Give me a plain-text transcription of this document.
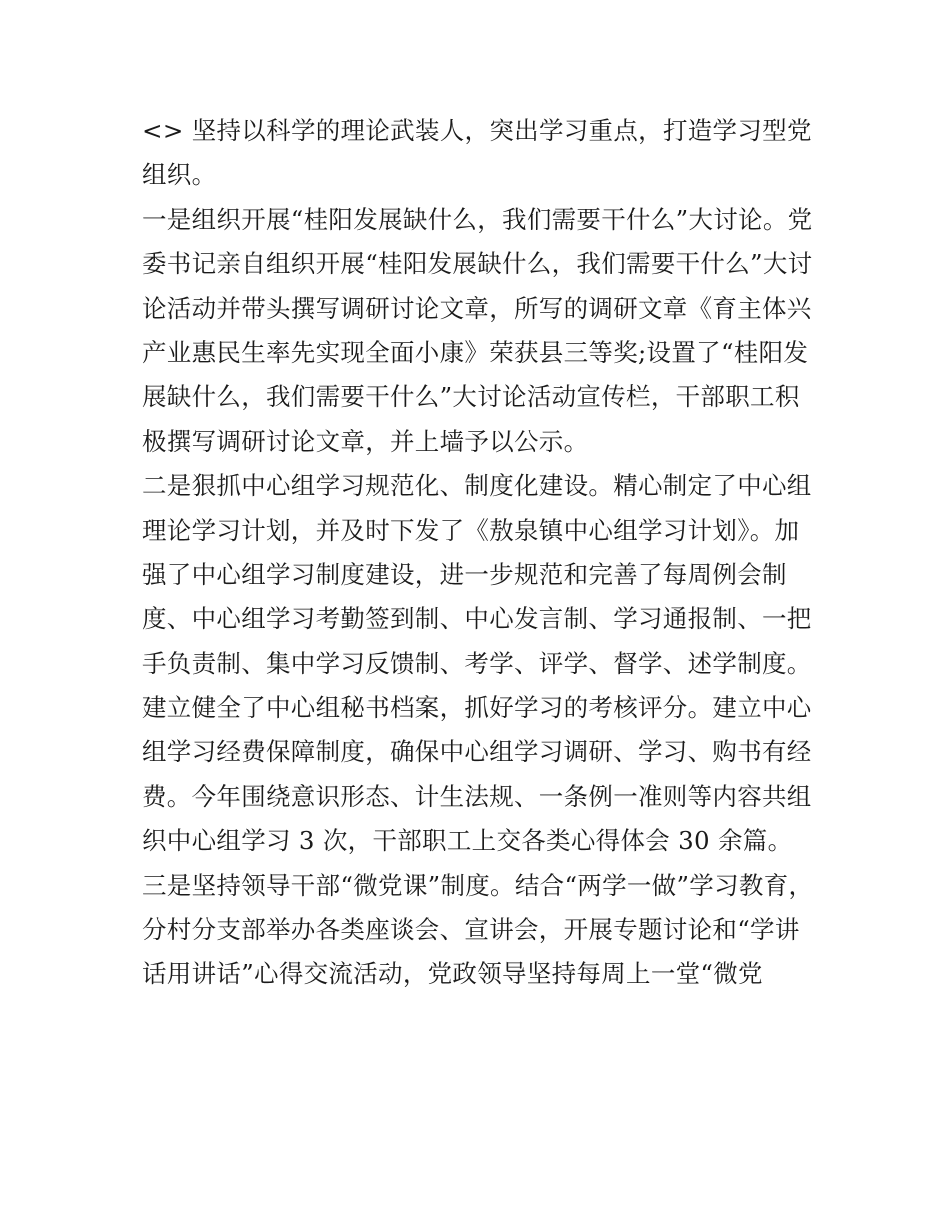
<> 坚持以科学的理论武装人，突出学习重点，打造学习型党
组织。
一是组织开展“桂阳发展缺什么，我们需要干什么”大讨论。党
委书记亲自组织开展“桂阳发展缺什么，我们需要干什么”大讨
论活动并带头撰写调研讨论文章，所写的调研文章《育主体兴
产业惠民生率先实现全面小康》荣获县三等奖;设置了“桂阳发
展缺什么，我们需要干什么”大讨论活动宣传栏，干部职工积
极撰写调研讨论文章，并上墙予以公示。
二是狠抓中心组学习规范化、制度化建设。精心制定了中心组
理论学习计划，并及时下发了《敖泉镇中心组学习计划》。加
强了中心组学习制度建设，进一步规范和完善了每周例会制
度、中心组学习考勤签到制、中心发言制、学习通报制、一把
手负责制、集中学习反馈制、考学、评学、督学、述学制度。
建立健全了中心组秘书档案，抓好学习的考核评分。建立中心
组学习经费保障制度，确保中心组学习调研、学习、购书有经
费。今年围绕意识形态、计生法规、一条例一准则等内容共组
织中心组学习 3 次，干部职工上交各类心得体会 30 余篇。
三是坚持领导干部“微党课”制度。结合“两学一做”学习教育，
分村分支部举办各类座谈会、宣讲会，开展专题讨论和“学讲
话用讲话”心得交流活动，党政领导坚持每周上一堂“微党
